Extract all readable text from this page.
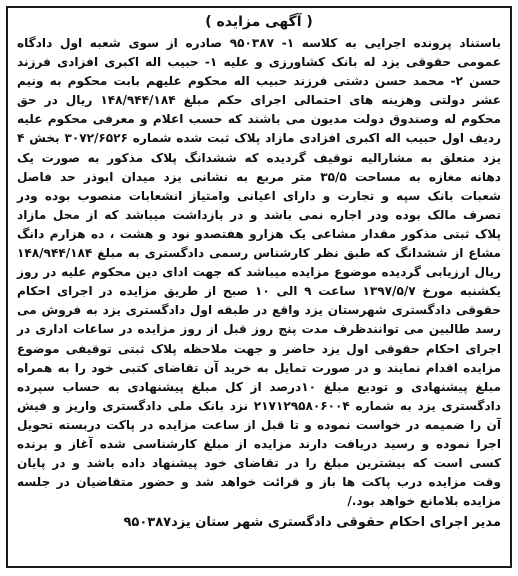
( آگهی مزایده )

باستناد پرونده اجرایی به کلاسه ۱- ۹۵۰۳۸۷ صادره از سوی شعبه اول دادگاه عمومی حقوقی یزد له بانک کشاورزی و علیه ۱- حبیب اله اکبری افزادی فرزند حسن ۲- محمد حسن دشتی فرزند حبیب اله محکوم علیهم بابت محکوم به ونیم عشر دولتی وهزینه های احتمالی اجرای حکم مبلغ ۱۴۸/۹۴۴/۱۸۴ ریال در حق محکوم له وصندوق دولت مدیون می باشند که حسب اعلام و معرفی محکوم علیه ردیف اول حبیب اله اکبری افزادی مازاد پلاک ثبت شده شماره ۳۰۷۲/۶۵۲۶ بخش ۴ یزد متعلق به مشارالیه توقیف گردیده که ششدانگ پلاک مذکور به صورت یک دهانه مغازه به مساحت ۳۵/۵ متر مربع به نشانی یزد میدان ابوذر حد فاصل شعبات بانک سپه و تجارت و دارای اعیانی وامتیاز انشعابات منصوب بوده ودر تصرف مالک بوده ودر اجاره نمی باشد و در بازداشت میباشد که از محل مازاد پلاک ثبتی مذکور مقدار مشاعی یک هزارو هفتصدو نود و هشت ، ده هزارم دانگ مشاع از ششدانگ که طبق نظر کارشناس رسمی دادگستری به مبلغ ۱۴۸/۹۴۴/۱۸۴ ریال ارزیابی گردیده موضوع مزایده میباشد که جهت ادای دین محکوم علیه در روز یکشنبه مورخ ۱۳۹۷/۵/۷ ساعت ۹ الی ۱۰ صبح از طریق مزایده در اجرای احکام حقوقی دادگستری شهرستان یزد واقع در طبقه اول دادگستری یزد به فروش می رسد طالبین می توانندظرف مدت پنج روز قبل از روز مزایده در ساعات اداری در اجرای احکام حقوقی اول یزد حاضر و جهت ملاحظه پلاک ثبتی توقیفی موضوع مزایده اقدام نمایند و در صورت تمایل به خرید آن تقاضای کتبی خود را به همراه مبلغ پیشنهادی و تودیع مبلغ ۱۰درصد از کل مبلغ پیشنهادی به حساب سپرده دادگستری یزد به شماره ۲۱۷۱۲۹۵۸۰۶۰۰۴ نزد بانک ملی دادگستری واریز و فیش آن را ضمیمه در خواست نموده و تا قبل از ساعت مزایده در پاکت دربسته تحویل اجرا نموده و رسید دریافت دارند مزایده از مبلغ کارشناسی شده آغاز و برنده کسی است که بیشترین مبلغ را در تقاضای خود پیشنهاد داده باشد و در پایان وقت مزایده درب پاکت ها باز و قرائت خواهد شد و حضور متقاضیان در جلسه مزایده بلامانع خواهد بود./

مدیر اجرای احکام حقوقی دادگستری شهر ستان یزد۹۵۰۳۸۷
